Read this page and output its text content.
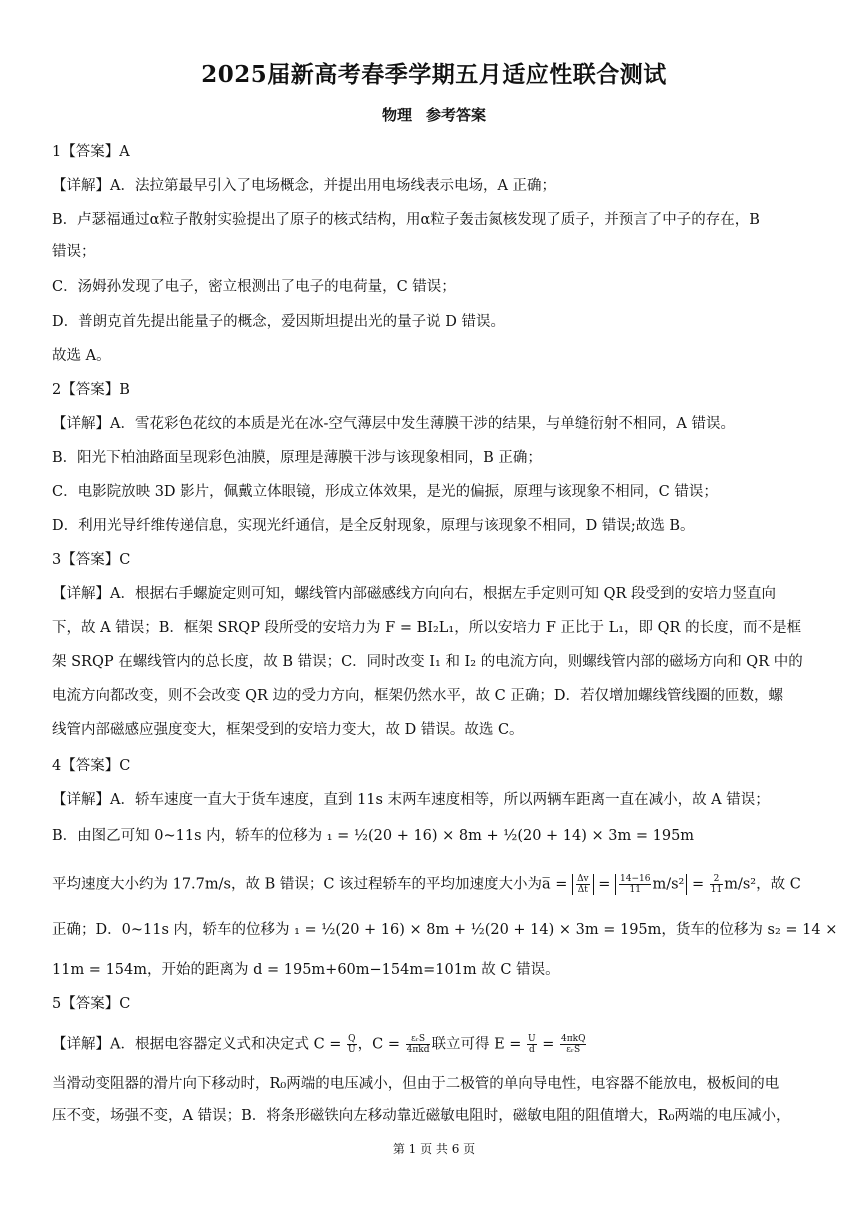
2025届新高考春季学期五月适应性联合测试
物理 参考答案
1【答案】A
【详解】A．法拉第最早引入了电场概念，并提出用电场线表示电场，A 正确；
B．卢瑟福通过α粒子散射实验提出了原子的核式结构，用α粒子轰击氮核发现了质子，并预言了中子的存在，B
错误；
C．汤姆孙发现了电子，密立根测出了电子的电荷量，C 错误；
D．普朗克首先提出能量子的概念，爱因斯坦提出光的量子说 D 错误。
故选 A。
2【答案】B
【详解】A．雪花彩色花纹的本质是光在冰-空气薄层中发生薄膜干涉的结果，与单缝衍射不相同，A 错误。
B．阳光下柏油路面呈现彩色油膜，原理是薄膜干涉与该现象相同，B 正确；
C．电影院放映 3D 影片，佩戴立体眼镜，形成立体效果，是光的偏振，原理与该现象不相同，C 错误；
D．利用光导纤维传递信息，实现光纤通信，是全反射现象，原理与该现象不相同，D 错误;故选 B。
3【答案】C
【详解】A．根据右手螺旋定则可知，螺线管内部磁感线方向向右，根据左手定则可知 QR 段受到的安培力竖直向
下，故 A 错误；B．框架 SRQP 段所受的安培力为 F = BI₂L₁，所以安培力 F 正比于 L₁，即 QR 的长度，而不是框
架 SRQP 在螺线管内的总长度，故 B 错误；C．同时改变 I₁ 和 I₂ 的电流方向，则螺线管内部的磁场方向和 QR 中的
电流方向都改变，则不会改变 QR 边的受力方向，框架仍然水平，故 C 正确；D．若仅增加螺线管线圈的匝数，螺
线管内部磁感应强度变大，框架受到的安培力变大，故 D 错误。故选 C。
4【答案】C
【详解】A．轿车速度一直大于货车速度，直到 11s 末两车速度相等，所以两辆车距离一直在减小，故 A 错误；
B．由图乙可知 0~11s 内，轿车的位移为 ₁ = ½(20 + 16) × 8m + ½(20 + 14) × 3m = 195m
平均速度大小约为 17.7m/s，故 B 错误；C 该过程轿车的平均加速度大小为a̅ = $\frac{\Delta v}{\Delta t} = \frac{14-16}{11} m/s^2 = \frac{2}{11} m/s^2$，故 C
正确；D．0~11s 内，轿车的位移为 ₁ = ½(20 + 16) × 8m + ½(20 + 14) × 3m = 195m，货车的位移为 s₂ = 14 ×
11m = 154m，开始的距离为 d = 195m+60m−154m=101m 故 C 错误。
5【答案】C
【详解】A．根据电容器定义式和决定式 $C = \frac{Q}{U}$ ，$C = \frac{\text{εᵣS}}{\text{4πkd}}$ 联立可得 $E = \frac{U}{d} = \frac{\text{4πkQ}}{\text{εᵣS}}$
当滑动变阻器的滑片向下移动时，R₀两端的电压减小，但由于二极管的单向导电性，电容器不能放电，极板间的电
压不变，场强不变，A 错误；B．将条形磁铁向左移动靠近磁敏电阻时，磁敏电阻的阻值增大，R₀两端的电压减小，
第 1 页 共 6 页
